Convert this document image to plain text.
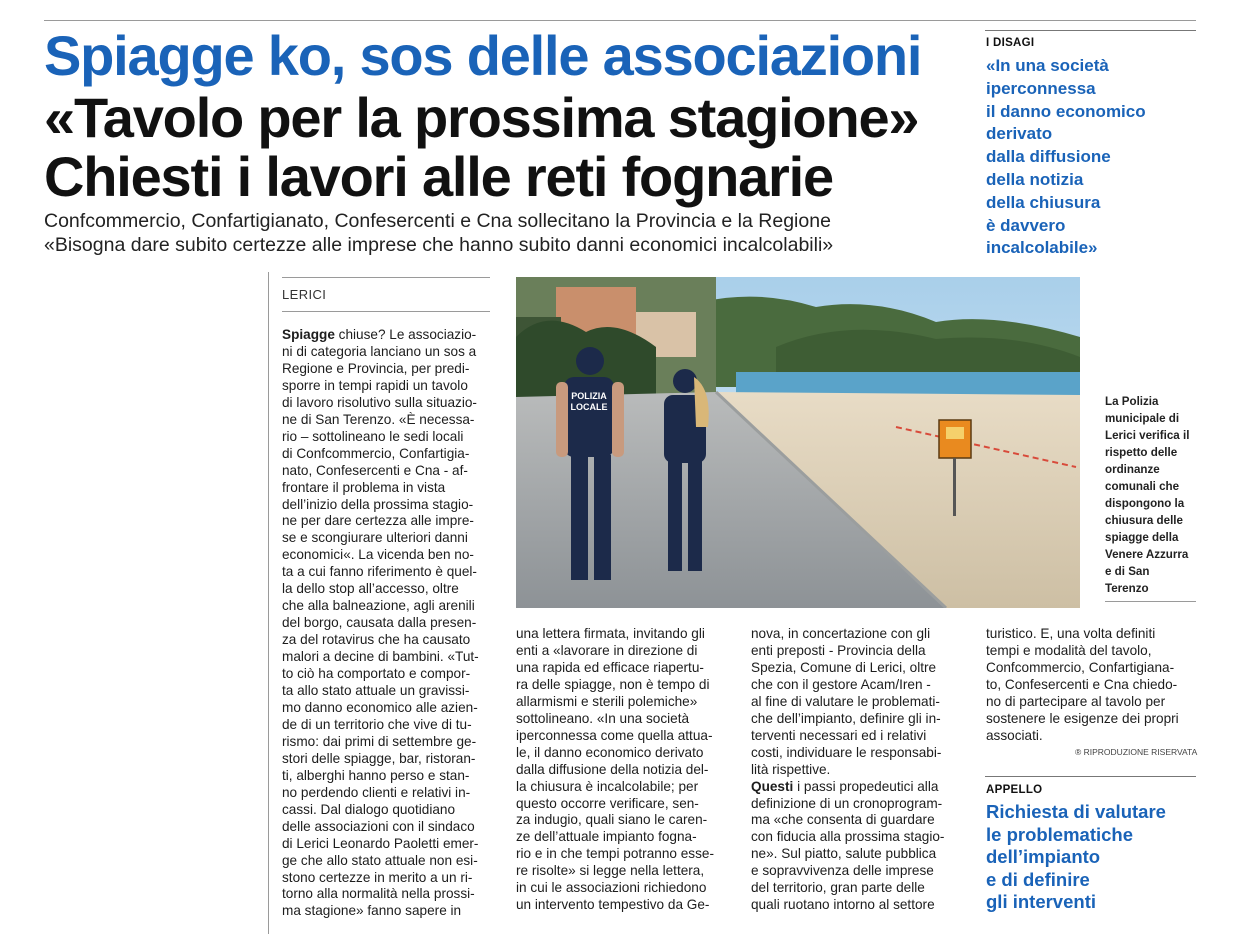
Spiagge ko, sos delle associazioni
«Tavolo per la prossima stagione»
Chiesti i lavori alle reti fognarie
Confcommercio, Confartigianato, Confesercenti e Cna sollecitano la Provincia e la Regione
«Bisogna dare subito certezze alle imprese che hanno subito danni economici incalcolabili»
I DISAGI
«In una società
iperconnessa
il danno economico
derivato
dalla diffusione
della notizia
della chiusura
è davvero
incalcolabile»
LERICI
Spiagge chiuse? Le associazio-
ni di categoria lanciano un sos a
Regione e Provincia, per predi-
sporre in tempi rapidi un tavolo
di lavoro risolutivo sulla situazio-
ne di San Terenzo. «È necessa-
rio – sottolineano le sedi locali
di Confcommercio, Confartigia-
nato, Confesercenti e Cna - af-
frontare il problema in vista
dell’inizio della prossima stagio-
ne per dare certezza alle impre-
se e scongiurare ulteriori danni
economici«. La vicenda ben no-
ta a cui fanno riferimento è quel-
la dello stop all’accesso, oltre
che alla balneazione, agli arenili
del borgo, causata dalla presen-
za del rotavirus che ha causato
malori a decine di bambini. «Tut-
to ciò ha comportato e compor-
ta allo stato attuale un gravissi-
mo danno economico alle azien-
de di un territorio che vive di tu-
rismo: dai primi di settembre ge-
stori delle spiagge, bar, ristoran-
ti, alberghi hanno perso e stan-
no perdendo clienti e relativi in-
cassi. Dal dialogo quotidiano
delle associazioni con il sindaco
di Lerici Leonardo Paoletti emer-
ge che allo stato attuale non esi-
stono certezze in merito a un ri-
torno alla normalità nella prossi-
ma stagione» fanno sapere in
POLIZIA
LOCALE	La Polizia
municipale di
Lerici verifica il
rispetto delle
ordinanze
comunali che
dispongono la
chiusura delle
spiagge della
Venere Azzurra
e di San
Terenzo
una lettera firmata, invitando gli
enti a «lavorare in direzione di
una rapida ed efficace riapertu-
ra delle spiagge, non è tempo di
allarmismi e sterili polemiche»
sottolineano. «In una società
iperconnessa come quella attua-
le, il danno economico derivato
dalla diffusione della notizia del-
la chiusura è incalcolabile; per
questo occorre verificare, sen-
za indugio, quali siano le caren-
ze dell’attuale impianto fogna-
rio e in che tempi potranno esse-
re risolte» si legge nella lettera,
in cui le associazioni richiedono
un intervento tempestivo da Ge-
nova, in concertazione con gli
enti preposti - Provincia della
Spezia, Comune di Lerici, oltre
che con il gestore Acam/Iren -
al fine di valutare le problemati-
che dell’impianto, definire gli in-
terventi necessari ed i relativi
costi, individuare le responsabi-
lità rispettive.
Questi i passi propedeutici alla
definizione di un cronoprogram-
ma «che consenta di guardare
con fiducia alla prossima stagio-
ne». Sul piatto, salute pubblica
e sopravvivenza delle imprese
del territorio, gran parte delle
quali ruotano intorno al settore
turistico. E, una volta definiti
tempi e modalità del tavolo,
Confcommercio, Confartigiana-
to, Confesercenti e Cna chiedo-
no di partecipare al tavolo per
sostenere le esigenze dei propri
associati.
® RIPRODUZIONE RISERVATA
APPELLO
Richiesta di valutare
le problematiche
dell’impianto
e di definire
gli interventi
